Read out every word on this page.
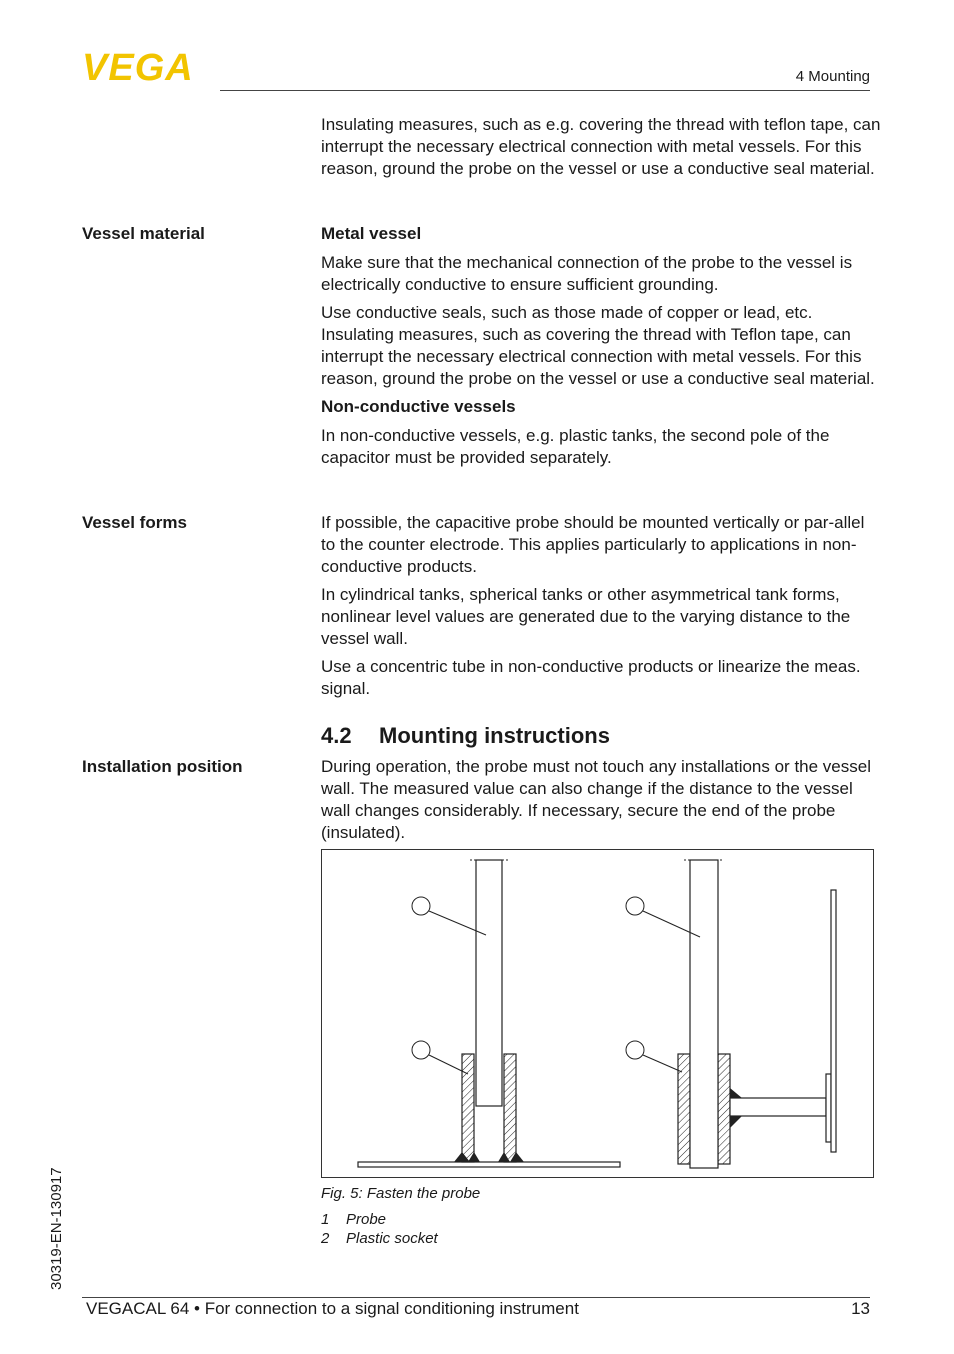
VEGA	4 Mounting

Insulating measures, such as e.g. covering the thread with teflon tape, can interrupt the necessary electrical connection with metal vessels. For this reason, ground the probe on the vessel or use a conductive seal material.

Vessel material	Metal vessel

Make sure that the mechanical connection of the probe to the vessel is electrically conductive to ensure sufficient grounding.

Use conductive seals, such as those made of copper or lead, etc. Insulating measures, such as covering the thread with Teflon tape, can interrupt the necessary electrical connection with metal vessels. For this reason, ground the probe on the vessel or use a conductive seal material.

Non-conductive vessels

In non-conductive vessels, e.g. plastic tanks, the second pole of the capacitor must be provided separately.

Vessel forms	If possible, the capacitive probe should be mounted vertically or par-allel to the counter electrode. This applies particularly to applications in non-conductive products.

In cylindrical tanks, spherical tanks or other asymmetrical tank forms, nonlinear level values are generated due to the varying distance to the vessel wall.

Use a concentric tube in non-conductive products or linearize the meas. signal.

4.2 Mounting instructions
Installation position	During operation, the probe must not touch any installations or the vessel wall. The measured value can also change if the distance to the vessel wall changes considerably. If necessary, secure the end of the probe (insulated).

Fig. 5: Fasten the probe
1 Probe
2 Plastic socket
30319-EN-130917
VEGACAL 64 • For connection to a signal conditioning instrument	13
